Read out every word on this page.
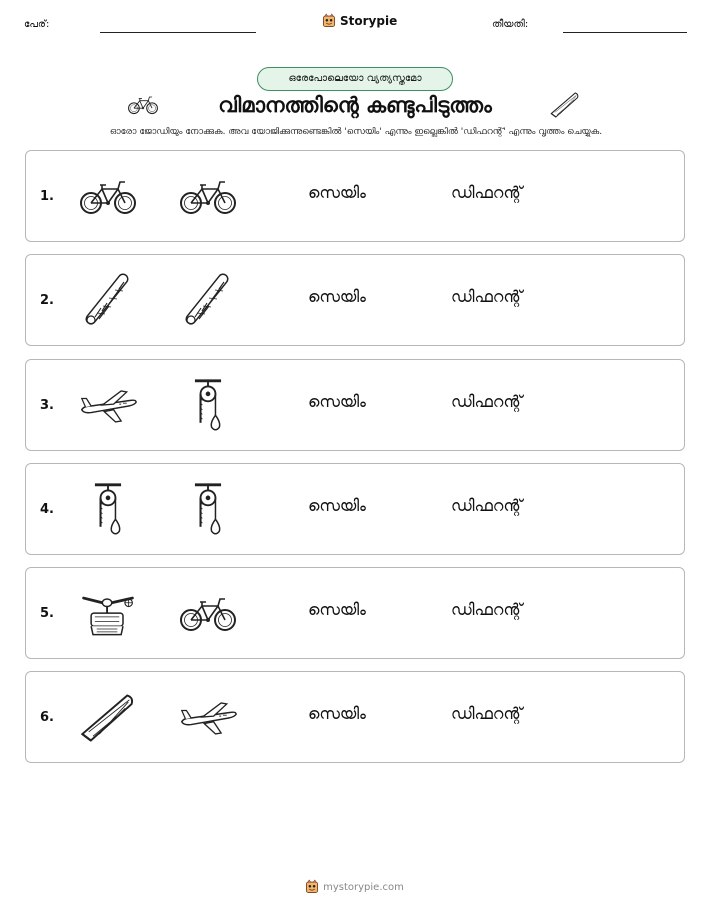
പേര്:	Storypie	തീയതി:
ഒരേപോലെയോ വ്യത്യസ്തമോ
വിമാനത്തിന്റെ കണ്ടുപിടുത്തം
ഓരോ ജോഡിയും നോക്കുക. അവ യോജിക്കുന്നുണ്ടെങ്കിൽ 'സെയിം' എന്നും ഇല്ലെങ്കിൽ 'ഡിഫറന്റ്' എന്നും വൃത്തം ചെയ്യുക.
1.	സെയിം	ഡിഫറന്റ്
2.	സെയിം	ഡിഫറന്റ്
3.	സെയിം	ഡിഫറന്റ്
4.	സെയിം	ഡിഫറന്റ്
5.	സെയിം	ഡിഫറന്റ്
6.	സെയിം	ഡിഫറന്റ്
mystorypie.com
